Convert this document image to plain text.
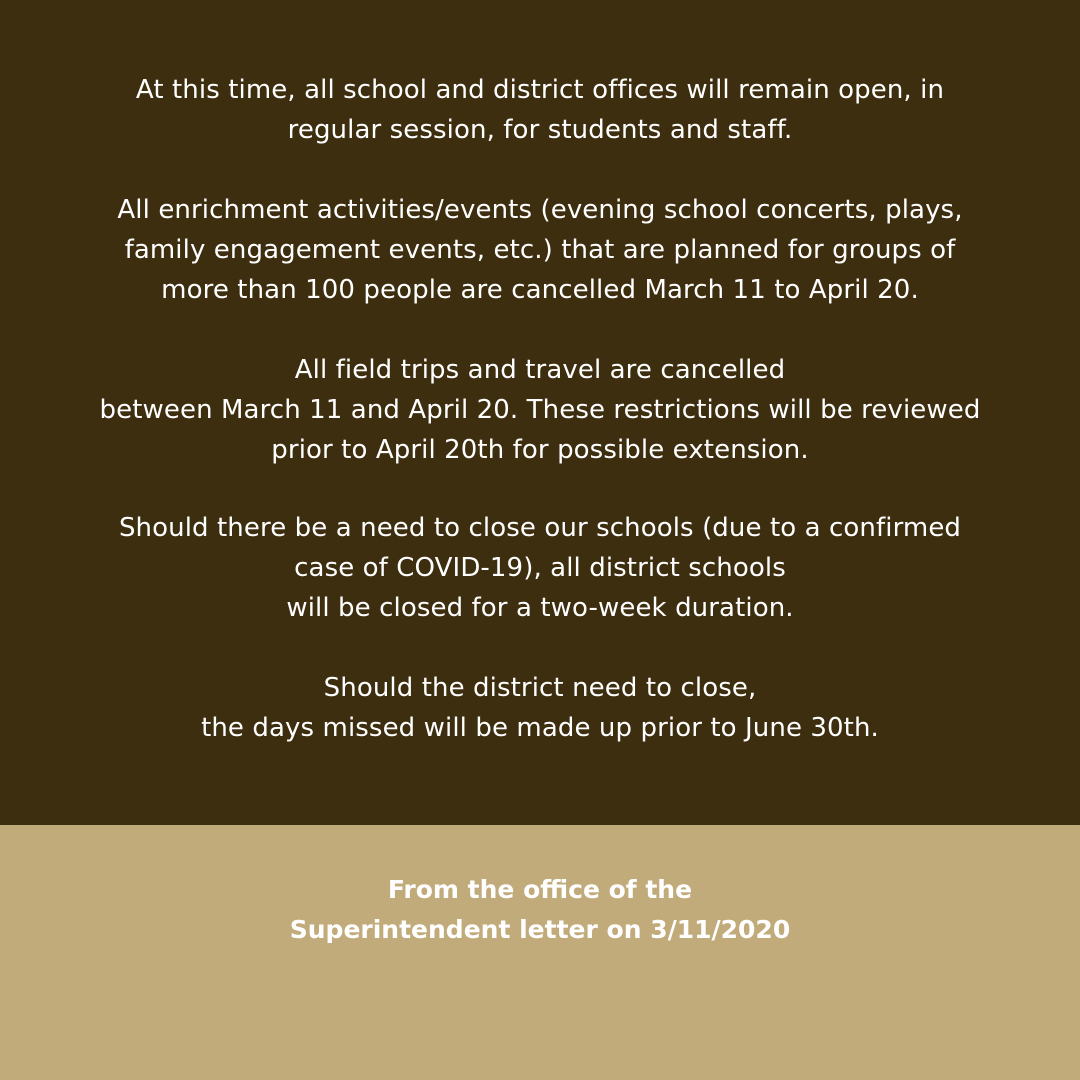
At this time, all school and district offices will remain open, in
regular session, for students and staff.
All enrichment activities/events (evening school concerts, plays,
family engagement events, etc.) that are planned for groups of
more than 100 people are cancelled March 11 to April 20.
All field trips and travel are cancelled
between March 11 and April 20. These restrictions will be reviewed
prior to April 20th for possible extension.
Should there be a need to close our schools (due to a confirmed
case of COVID-19), all district schools
will be closed for a two-week duration.
Should the district need to close,
the days missed will be made up prior to June 30th.
From the office of the
Superintendent letter on 3/11/2020
